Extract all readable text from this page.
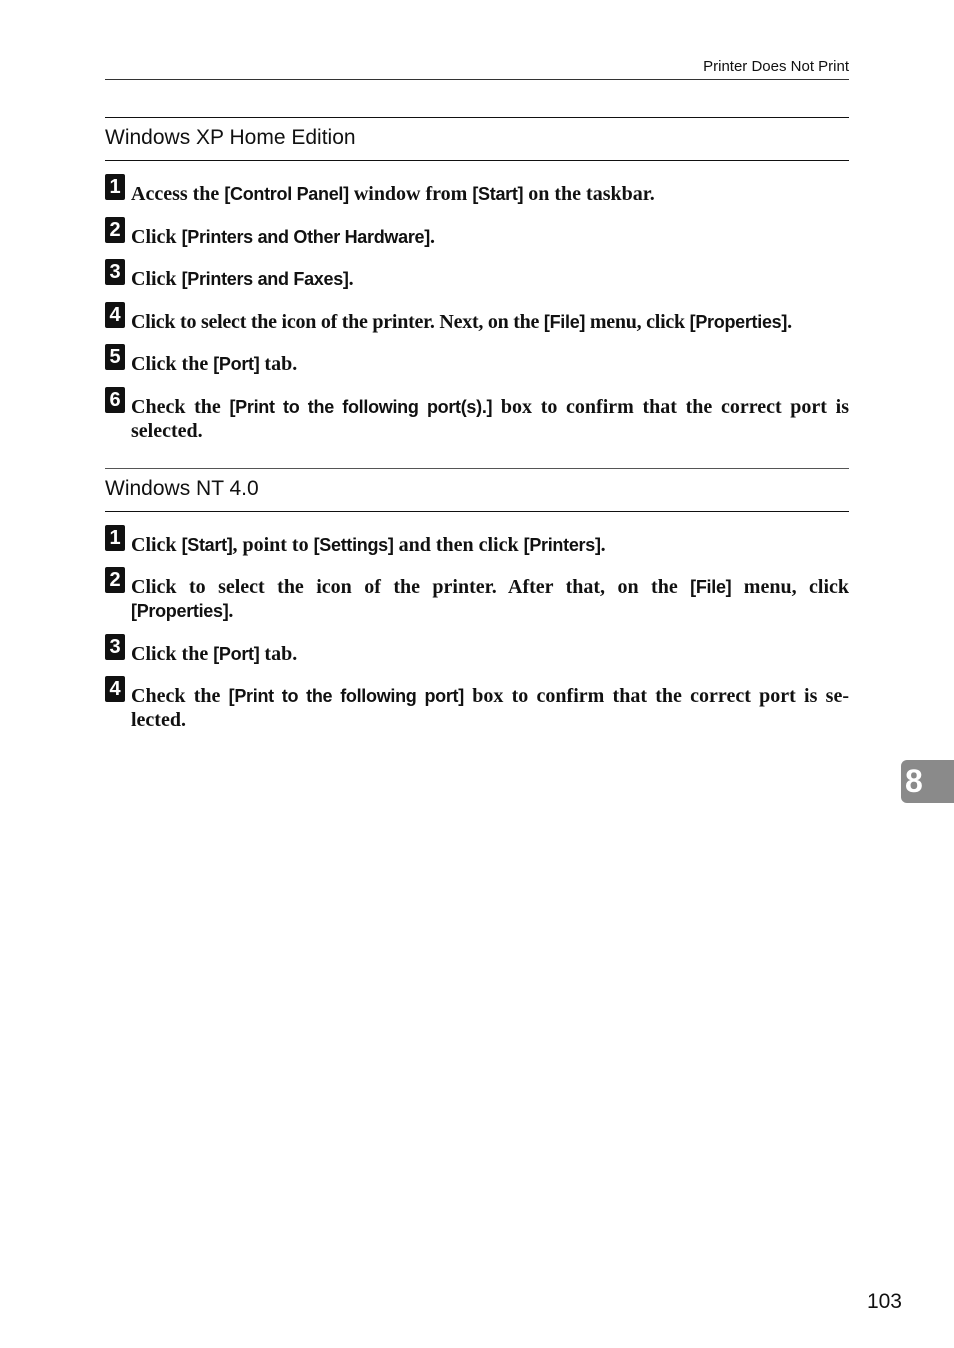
Printer Does Not Print
Windows XP Home Edition
1 Access the [Control Panel] window from [Start] on the taskbar.
2 Click [Printers and Other Hardware].
3 Click [Printers and Faxes].
4 Click to select the icon of the printer. Next, on the [File] menu, click [Properties].
5 Click the [Port] tab.
6 Check the [Print to the following port(s).] box to confirm that the correct port is selected.
Windows NT 4.0
1 Click [Start], point to [Settings] and then click [Printers].
2 Click to select the icon of the printer. After that, on the [File] menu, click [Properties].
3 Click the [Port] tab.
4 Check the [Print to the following port] box to confirm that the correct port is se-lected.
8
103
